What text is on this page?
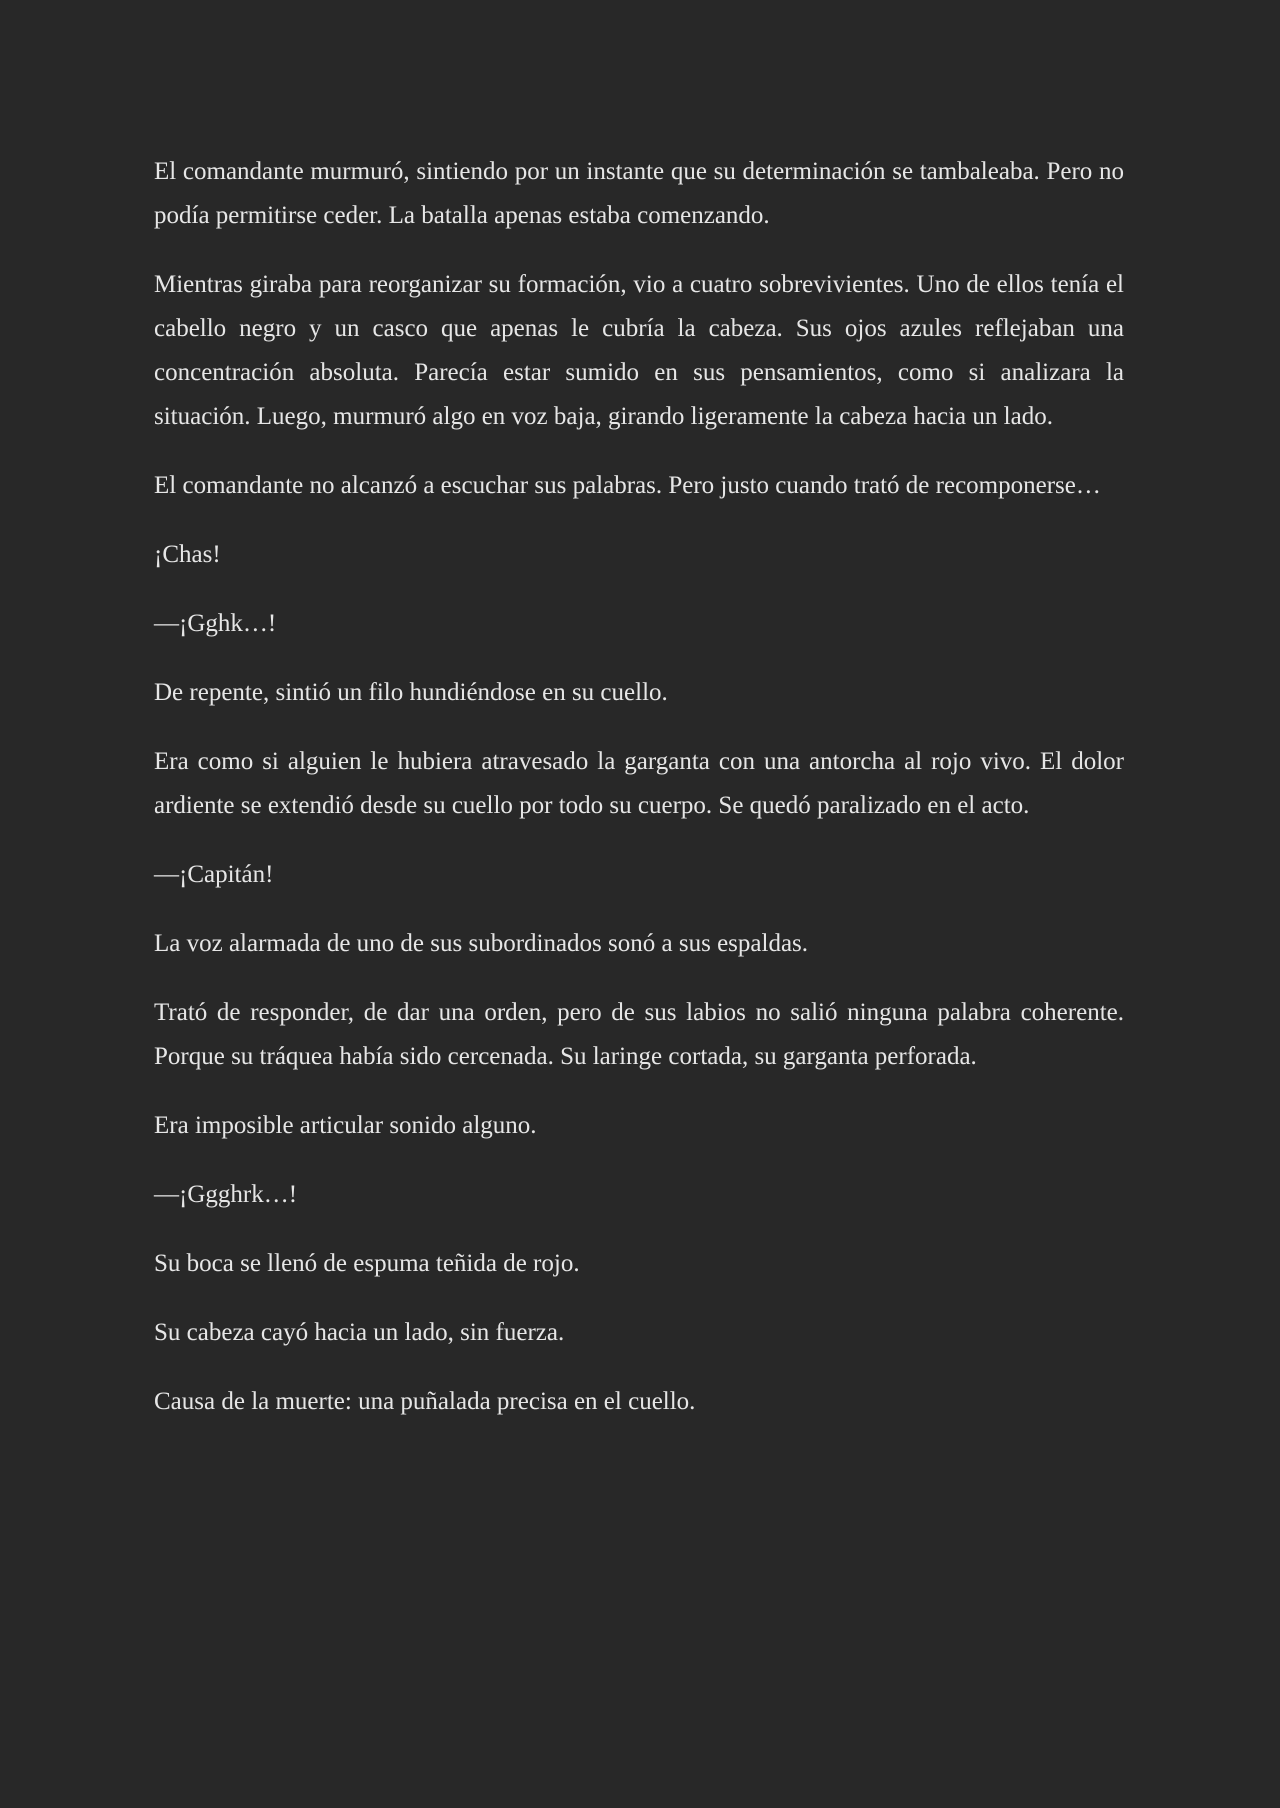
El comandante murmuró, sintiendo por un instante que su determinación se tambaleaba. Pero no podía permitirse ceder. La batalla apenas estaba comenzando.

Mientras giraba para reorganizar su formación, vio a cuatro sobrevivientes. Uno de ellos tenía el cabello negro y un casco que apenas le cubría la cabeza. Sus ojos azules reflejaban una concentración absoluta. Parecía estar sumido en sus pensamientos, como si analizara la situación. Luego, murmuró algo en voz baja, girando ligeramente la cabeza hacia un lado.

El comandante no alcanzó a escuchar sus palabras. Pero justo cuando trató de recomponerse…

¡Chas!

—¡Gghk…!

De repente, sintió un filo hundiéndose en su cuello.

Era como si alguien le hubiera atravesado la garganta con una antorcha al rojo vivo. El dolor ardiente se extendió desde su cuello por todo su cuerpo. Se quedó paralizado en el acto.

—¡Capitán!

La voz alarmada de uno de sus subordinados sonó a sus espaldas.

Trató de responder, de dar una orden, pero de sus labios no salió ninguna palabra coherente. Porque su tráquea había sido cercenada. Su laringe cortada, su garganta perforada.

Era imposible articular sonido alguno.

—¡Ggghrk…!

Su boca se llenó de espuma teñida de rojo.

Su cabeza cayó hacia un lado, sin fuerza.

Causa de la muerte: una puñalada precisa en el cuello.
